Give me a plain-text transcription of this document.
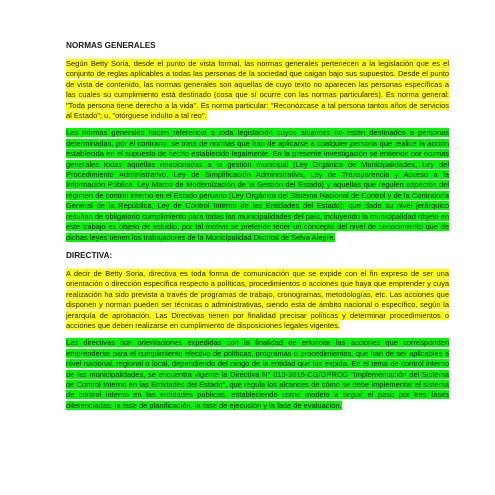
NORMAS GENERALES

Según Betty Soria, desde el punto de vista formal, las normas generales pertenecen a la legislación que es el conjunto de reglas aplicables a todas las personas de la sociedad que caigan bajo sus supuestos. Desde el punto de vista de contenido, las normas generales son aquellas de cuyo texto no aparecen las personas específicas a las cuales su cumplimiento está destinado (cosa que sí ocurre con las normas particulares). Es norma general: "Toda persona tiene derecho a la vida". Es norma particular: "Reconózcase a tal persona tantos años de servicios al Estado"; u, "otórguese indulto a tal reo".

Las normas generales hacen referencia a toda legislación cuyos alcances no estén destinados a personas determinadas, por el contrario, se trata de normas que han de aplicarse a cualquier persona que realice la acción establecida en el supuesto de hecho establecido legalmente. En la presente investigación se entiende por normas generales todas aquellas relacionadas a la gestión municipal (Ley Orgánica de Municipalidades, Ley del Procedimiento Administrativo, Ley de Simplificación Administrativa, Ley de Transparencia y Acceso a la Información Pública, Ley Marco de Modernización de la Gestión del Estado) y aquellas que regulen aspectos del régimen de control interno en el Estado peruano (Ley Orgánica del Sistema Nacional de Control y de la Contraloría General de la República, Ley de Control Interno de las Entidades del Estado); que dado su nivel jerárquico resultan de obligatorio cumplimiento para todas las municipalidades del país, incluyendo la municipalidad objeto en este trabajo es objeto de estudio, por tal motivo se pretende tener un concepto del nivel de conocimiento que de dichas leyes tienen los trabajadores de la Municipalidad Distrital de Selva Alegre.

DIRECTIVA:

A decir de Betty Soria, directiva es toda forma de comunicación que se expide con el fin expreso de ser una orientación o dirección específica respecto a políticas, procedimientos o acciones que haya que emprender y cuya realización ha sido prevista a través de programas de trabajo, cronogramas, metodologías, etc. Las acciones que disponen y norman pueden ser técnicas o administrativas, siendo esta de ámbito nacional o específico, según la jerarquía de aprobación. Las Directivas tienen por finalidad precisar políticas y determinar procedimientos o acciones que deben realizarse en cumplimiento de disposiciones legales vigentes.

Las directivas son orientaciones expedidas con la finalidad de enunciar las acciones que corresponden emprenderse para el cumplimiento efectivo de políticas, programas o procedimientos, que han de ser aplicables a nivel nacional, regional o local, dependiendo del rango de la entidad que los expida. En el tema de control interno de las municipalidades, se encuentra vigente la Directiva N° 013-2016-CG/GPROD "Implementación del Sistema de Control Interno en las Entidades del Estado", que regula los alcances de cómo se debe implementar el sistema de control interno en las entidades públicas, estableciendo como modelo a seguir el paso por tres fases diferenciadas: la fase de planificación, la fase de ejecución y la fase de evaluación.
